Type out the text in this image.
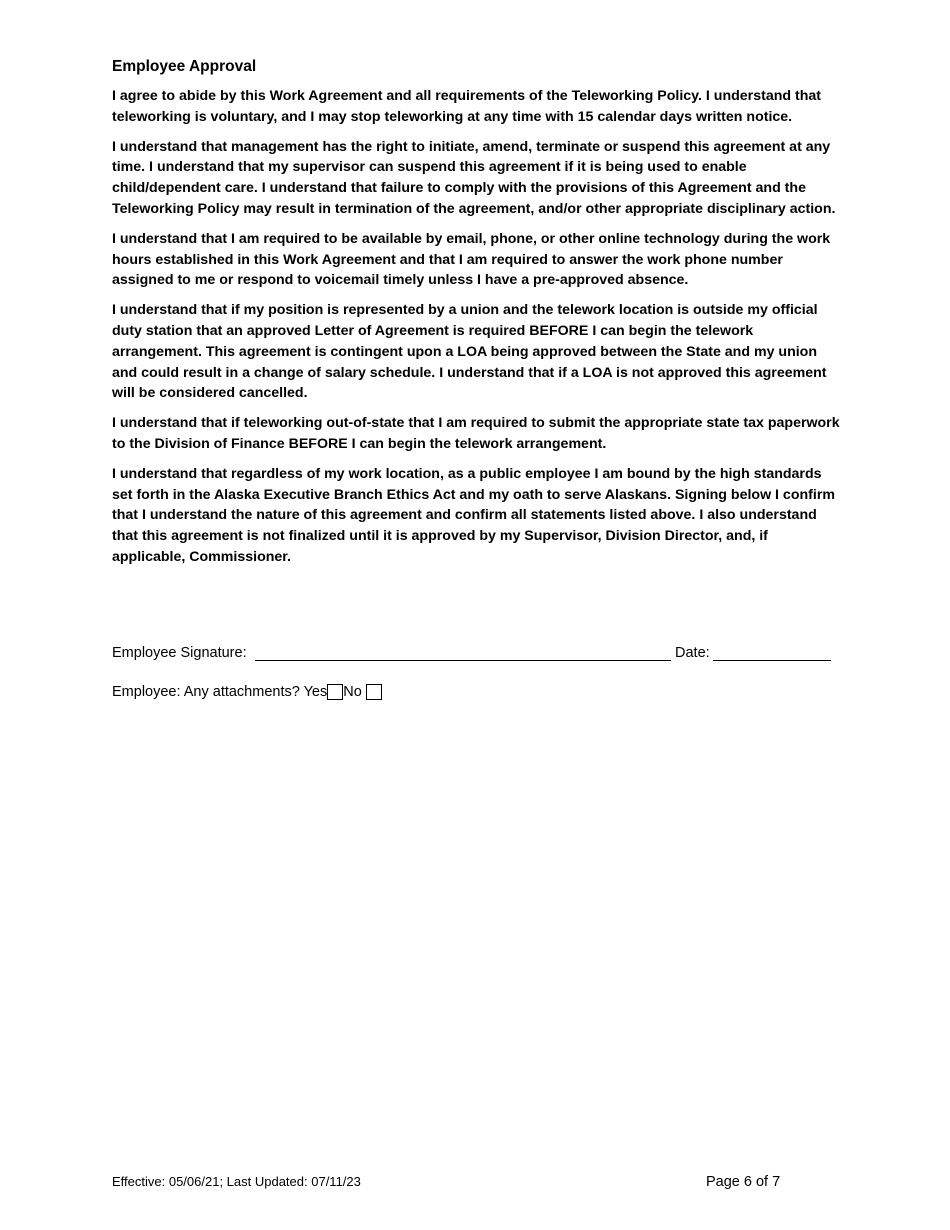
Employee Approval

I agree to abide by this Work Agreement and all requirements of the Teleworking Policy. I understand that teleworking is voluntary, and I may stop teleworking at any time with 15 calendar days written notice.

I understand that management has the right to initiate, amend, terminate or suspend this agreement at any time. I understand that my supervisor can suspend this agreement if it is being used to enable child/dependent care. I understand that failure to comply with the provisions of this Agreement and the Teleworking Policy may result in termination of the agreement, and/or other appropriate disciplinary action.

I understand that I am required to be available by email, phone, or other online technology during the work hours established in this Work Agreement and that I am required to answer the work phone number assigned to me or respond to voicemail timely unless I have a pre-approved absence.

I understand that if my position is represented by a union and the telework location is outside my official duty station that an approved Letter of Agreement is required BEFORE I can begin the telework arrangement. This agreement is contingent upon a LOA being approved between the State and my union and could result in a change of salary schedule. I understand that if a LOA is not approved this agreement will be considered cancelled.

I understand that if teleworking out-of-state that I am required to submit the appropriate state tax paperwork to the Division of Finance BEFORE I can begin the telework arrangement.

I understand that regardless of my work location, as a public employee I am bound by the high standards set forth in the Alaska Executive Branch Ethics Act and my oath to serve Alaskans. Signing below I confirm that I understand the nature of this agreement and confirm all statements listed above. I also understand that this agreement is not finalized until it is approved by my Supervisor, Division Director, and, if applicable, Commissioner.

Employee Signature:	Date:
Employee: Any attachments? Yes No
Effective: 05/06/21; Last Updated: 07/11/23	Page 6 of 7
